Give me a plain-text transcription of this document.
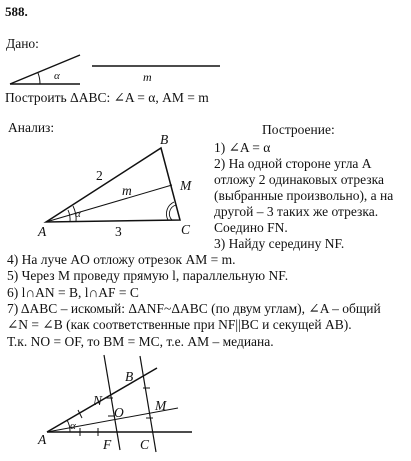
588.
Дано:
α	m
Построить ΔABC: ∠A = α, AM = m
Анализ:
B
A	C
M
2
3
m
α
Построение:
1) ∠A = α
2) На одной стороне угла A
отложу 2 одинаковых отрезка
(выбранные произвольно), а на
другой – 3 таких же отрезка.
Соедино FN.
3) Найду середину NF.
4) На луче AO отложу отрезок AM = m.
5) Через M проведу прямую l, параллельную NF.
6) l∩AN = B, l∩AF = C
7) ΔABC – искомый: ΔANF~ΔABC (по двум углам), ∠A – общий
∠N = ∠B (как соответственные при NF||BC и секущей AB).
Т.к. NO = OF, то BM = MC, т.е. AM – медиана.
A	F C
N
O
B
M
α
